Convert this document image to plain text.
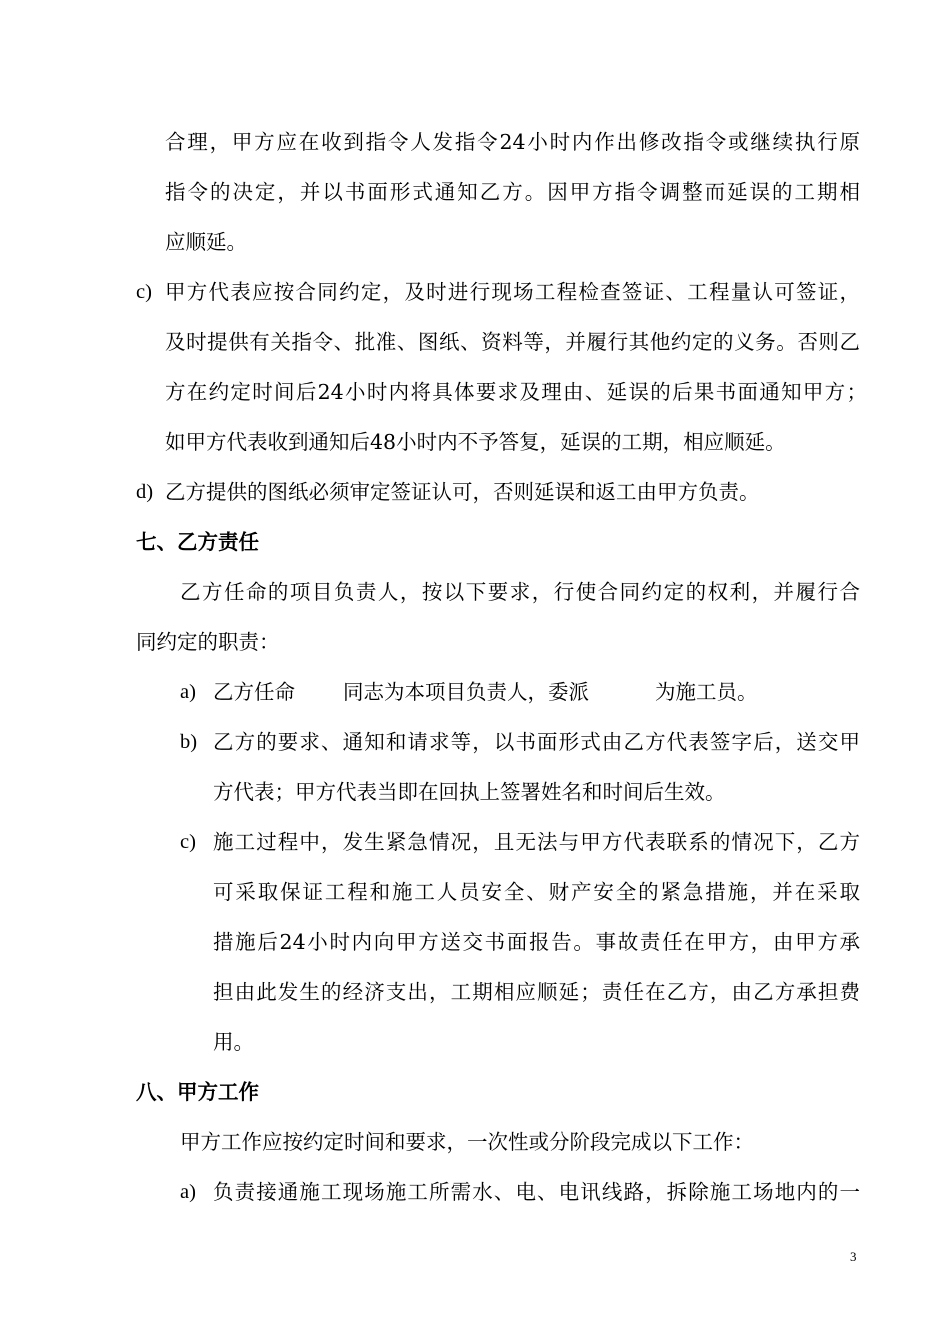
合理，甲方应在收到指令人发指令24小时内作出修改指令或继续执行原
指令的决定，并以书面形式通知乙方。因甲方指令调整而延误的工期相
应顺延。
c) 甲方代表应按合同约定，及时进行现场工程检查签证、工程量认可签证，
及时提供有关指令、批准、图纸、资料等，并履行其他约定的义务。否则乙
方在约定时间后24小时内将具体要求及理由、延误的后果书面通知甲方；
如甲方代表收到通知后48小时内不予答复，延误的工期，相应顺延。
d) 乙方提供的图纸必须审定签证认可，否则延误和返工由甲方负责。
七、乙方责任
乙方任命的项目负责人，按以下要求，行使合同约定的权利，并履行合
同约定的职责：
a) 乙方任命 同志为本项目负责人，委派	为施工员。
b) 乙方的要求、通知和请求等，以书面形式由乙方代表签字后，送交甲
方代表；甲方代表当即在回执上签署姓名和时间后生效。
c) 施工过程中，发生紧急情况，且无法与甲方代表联系的情况下，乙方
可采取保证工程和施工人员安全、财产安全的紧急措施，并在采取
措施后24小时内向甲方送交书面报告。事故责任在甲方，由甲方承
担由此发生的经济支出，工期相应顺延；责任在乙方，由乙方承担费
用。
八、甲方工作
甲方工作应按约定时间和要求，一次性或分阶段完成以下工作：
a) 负责接通施工现场施工所需水、电、电讯线路，拆除施工场地内的一
3
